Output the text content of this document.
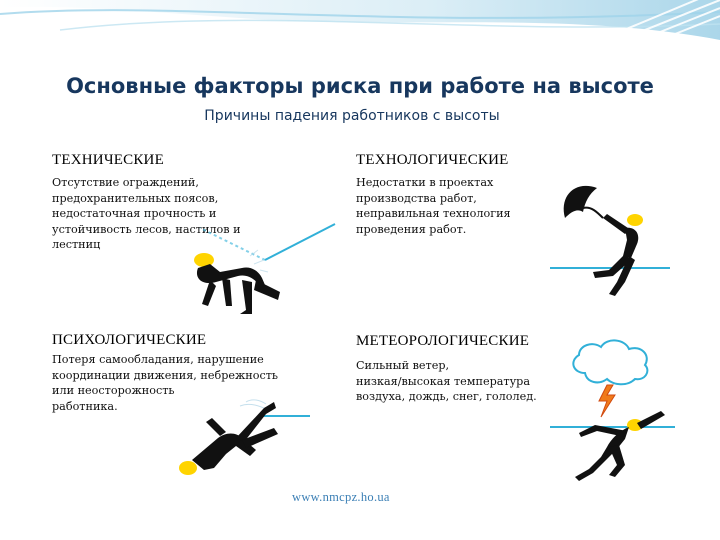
Основные факторы риска при работе на высоте
Причины падения работников с высоты
ТЕХНИЧЕСКИЕ
Отсутствие ограждений,
предохранительных поясов,
недостаточная прочность и
устойчивость лесов, настилов и
лестниц
ТЕХНОЛОГИЧЕСКИЕ
Недостатки в проектах
производства работ,
неправильная технология
проведения работ.
ПСИХОЛОГИЧЕСКИЕ
Потеря самообладания, нарушение
координации движения, небрежность
или неосторожность
работника.
МЕТЕОРОЛОГИЧЕСКИЕ
Сильный ветер,
низкая/высокая температура
воздуха, дождь, снег, гололед.
www.nmcpz.ho.ua
